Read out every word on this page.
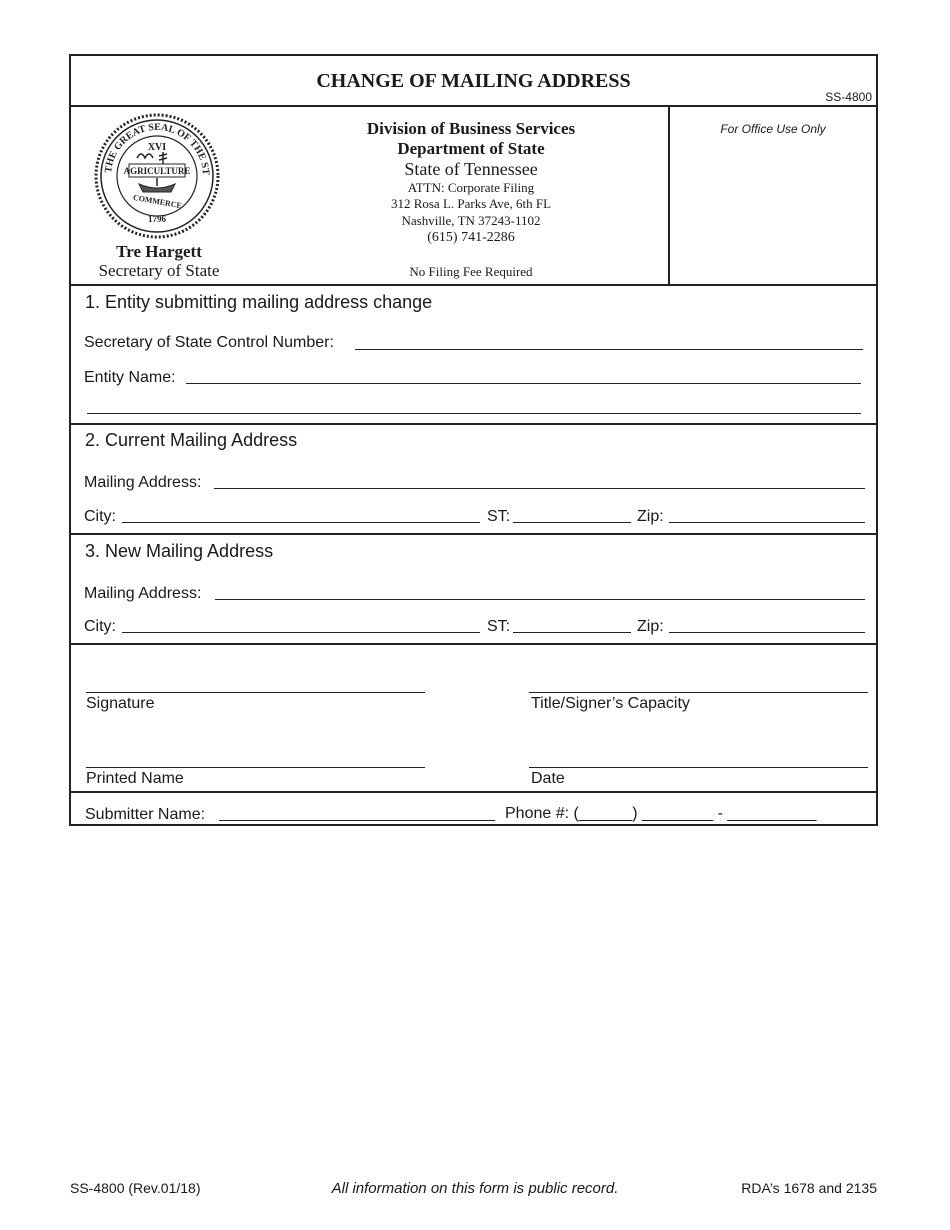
CHANGE OF MAILING ADDRESS
SS-4800
THE GREAT SEAL OF THE ST
XVI
AGRICULTURE
COMMERCE
1796
Tre Hargett
Secretary of State
Division of Business Services
Department of State
State of Tennessee
ATTN: Corporate Filing
312 Rosa L. Parks Ave, 6th FL
Nashville, TN 37243-1102
(615) 741-2286
No Filing Fee Required
For Office Use Only
1. Entity submitting mailing address change
Secretary of State Control Number:
Entity Name:
2. Current Mailing Address
Mailing Address:
City:	ST:	Zip:
3. New Mailing Address
Mailing Address:
City:	ST:	Zip:
Signature	Title/Signer’s Capacity
Printed Name	Date
Submitter Name:	Phone #: (______) ________ - __________
SS-4800 (Rev.01/18)	All information on this form is public record.	RDA’s 1678 and 2135
